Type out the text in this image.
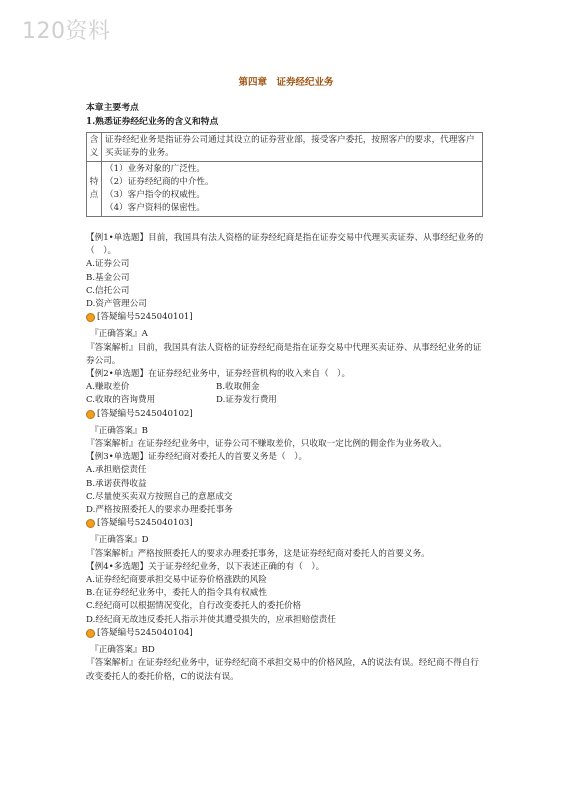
120资料
第四章　证券经纪业务
本章主要考点
1.熟悉证券经纪业务的含义和特点
含义	证券经纪业务是指证券公司通过其设立的证券营业部，接受客户委托，按照客户的要求，代理客户买卖证券的业务。
特点	（1）业务对象的广泛性。
（2）证券经纪商的中介性。
（3）客户指令的权威性。
（4）客户资料的保密性。

【例1•单选题】目前，我国具有法人资格的证券经纪商是指在证券交易中代理买卖证券、从事经纪业务的（　）。

A.证券公司

B.基金公司

C.信托公司

D.资产管理公司

[答疑编号5245040101]

『正确答案』A

『答案解析』目前，我国具有法人资格的证券经纪商是指在证券交易中代理买卖证券、从事经纪业务的证券公司。

【例2•单选题】在证券经纪业务中，证券经营机构的收入来自（　）。

A.赚取差价	B.收取佣金

C.收取的咨询费用	D.证券发行费用

[答疑编号5245040102]

『正确答案』B

『答案解析』在证券经纪业务中，证券公司不赚取差价，只收取一定比例的佣金作为业务收入。

【例3•单选题】证券经纪商对委托人的首要义务是（　）。

A.承担赔偿责任

B.承诺获得收益

C.尽量使买卖双方按照自己的意愿成交

D.严格按照委托人的要求办理委托事务

[答疑编号5245040103]

『正确答案』D

『答案解析』严格按照委托人的要求办理委托事务，这是证券经纪商对委托人的首要义务。

【例4•多选题】关于证券经纪业务，以下表述正确的有（　）。

A.证券经纪商要承担交易中证券价格涨跌的风险

B.在证券经纪业务中，委托人的指令具有权威性

C.经纪商可以根据情况变化，自行改变委托人的委托价格

D.经纪商无故违反委托人指示并使其遭受损失的，应承担赔偿责任

[答疑编号5245040104]

『正确答案』BD

『答案解析』在证券经纪业务中，证券经纪商不承担交易中的价格风险，A的说法有误。经纪商不得自行改变委托人的委托价格，C的说法有误。
